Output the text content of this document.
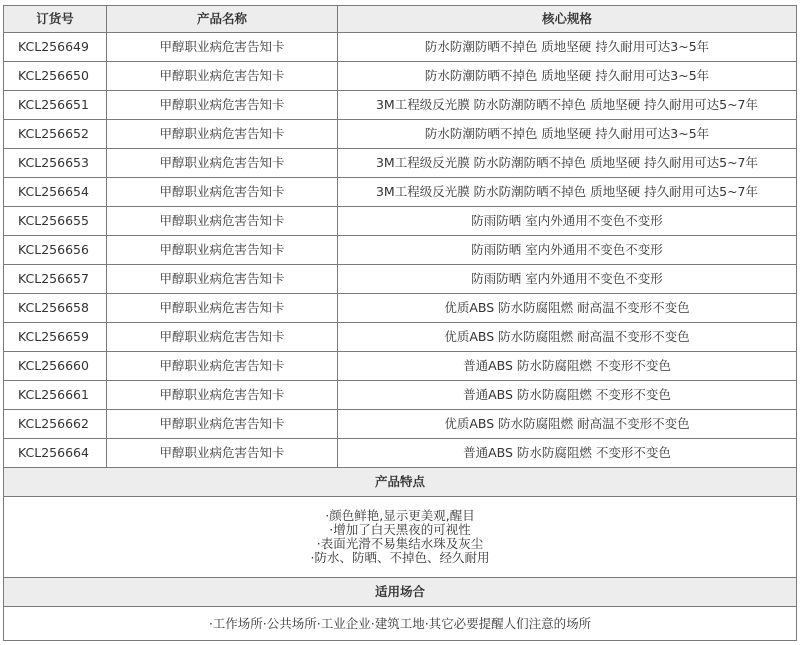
订货号	产品名称	核心规格
KCL256649	甲醇职业病危害告知卡	防水防潮防晒不掉色 质地坚硬 持久耐用可达3~5年
KCL256650	甲醇职业病危害告知卡	防水防潮防晒不掉色 质地坚硬 持久耐用可达3~5年
KCL256651	甲醇职业病危害告知卡	3M工程级反光膜 防水防潮防晒不掉色 质地坚硬 持久耐用可达5~7年
KCL256652	甲醇职业病危害告知卡	防水防潮防晒不掉色 质地坚硬 持久耐用可达3~5年
KCL256653	甲醇职业病危害告知卡	3M工程级反光膜 防水防潮防晒不掉色 质地坚硬 持久耐用可达5~7年
KCL256654	甲醇职业病危害告知卡	3M工程级反光膜 防水防潮防晒不掉色 质地坚硬 持久耐用可达5~7年
KCL256655	甲醇职业病危害告知卡	防雨防晒 室内外通用不变色不变形
KCL256656	甲醇职业病危害告知卡	防雨防晒 室内外通用不变色不变形
KCL256657	甲醇职业病危害告知卡	防雨防晒 室内外通用不变色不变形
KCL256658	甲醇职业病危害告知卡	优质ABS 防水防腐阻燃 耐高温不变形不变色
KCL256659	甲醇职业病危害告知卡	优质ABS 防水防腐阻燃 耐高温不变形不变色
KCL256660	甲醇职业病危害告知卡	普通ABS 防水防腐阻燃 不变形不变色
KCL256661	甲醇职业病危害告知卡	普通ABS 防水防腐阻燃 不变形不变色
KCL256662	甲醇职业病危害告知卡	优质ABS 防水防腐阻燃 耐高温不变形不变色
KCL256664	甲醇职业病危害告知卡	普通ABS 防水防腐阻燃 不变形不变色
产品特点		

·颜色鲜艳,显示更美观,醒目
·增加了白天黑夜的可视性
·表面光滑不易集结水珠及灰尘
·防水、防晒、不掉色、经久耐用		

适用场合		
·工作场所·公共场所·工业企业·建筑工地·其它必要提醒人们注意的场所		
